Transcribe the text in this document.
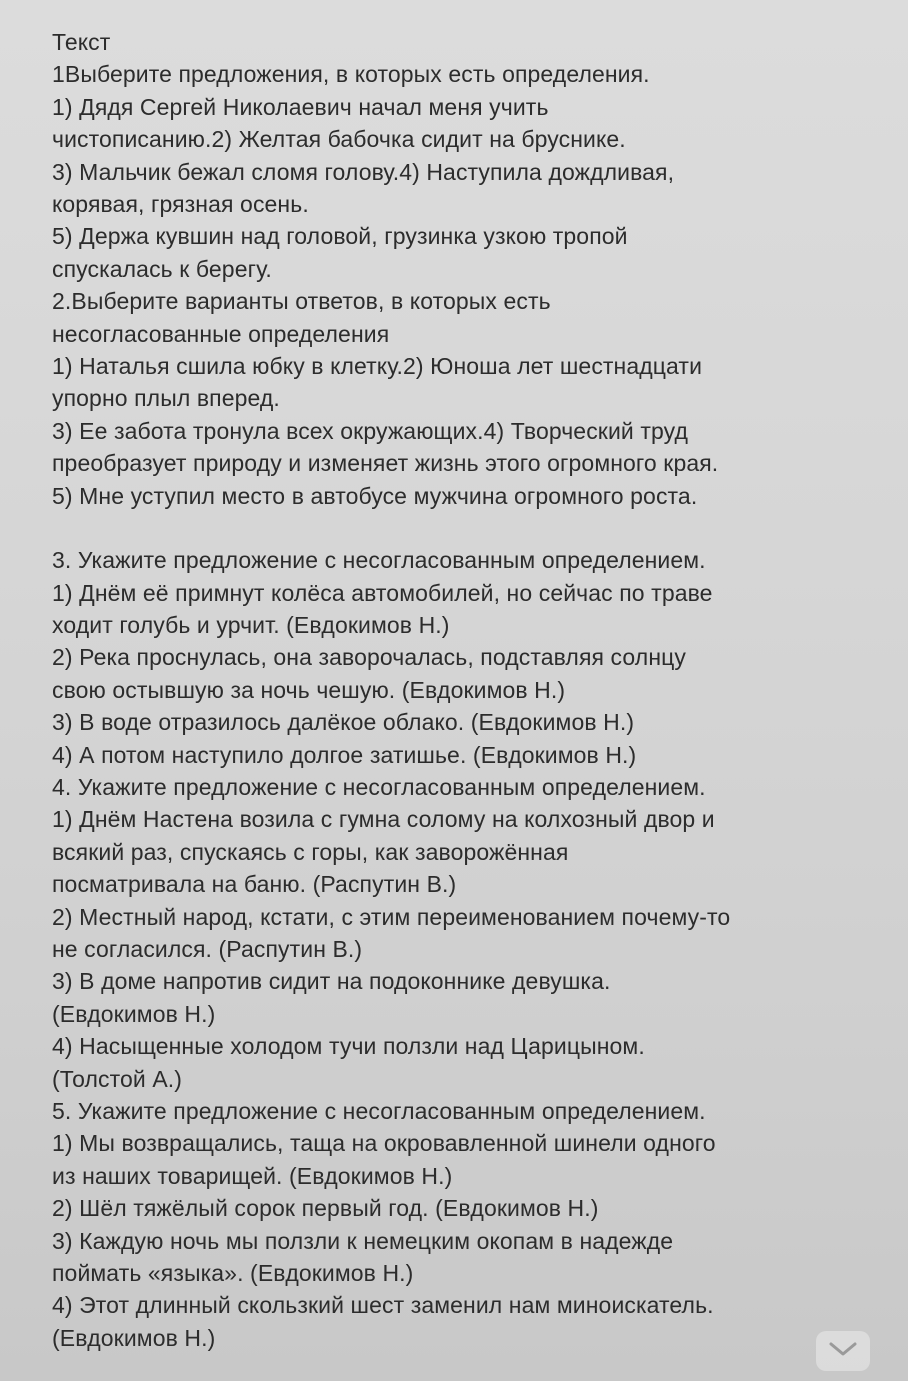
Текст
1Выберите предложения, в которых есть определения.
1) Дядя Сергей Николаевич начал меня учить
чистописанию.2) Желтая бабочка сидит на бруснике.
3) Мальчик бежал сломя голову.4) Наступила дождливая,
корявая, грязная осень.
5) Держа кувшин над головой, грузинка узкою тропой
спускалась к берегу.
2.Выберите варианты ответов, в которых есть
несогласованные определения
1) Наталья сшила юбку в клетку.2) Юноша лет шестнадцати
упорно плыл вперед.
3) Ее забота тронула всех окружающих.4) Творческий труд
преобразует природу и изменяет жизнь этого огромного края.
5) Мне уступил место в автобусе мужчина огромного роста.
3. Укажите предложение с несогласованным определением.
1) Днём её примнут колёса автомобилей, но сейчас по траве
ходит голубь и урчит. (Евдокимов Н.)
2) Река проснулась, она заворочалась, подставляя солнцу
свою остывшую за ночь чешую. (Евдокимов Н.)
3) В воде отразилось далёкое облако. (Евдокимов Н.)
4) А потом наступило долгое затишье. (Евдокимов Н.)
4. Укажите предложение с несогласованным определением.
1) Днём Настена возила с гумна солому на колхозный двор и
всякий раз, спускаясь с горы, как заворожённая
посматривала на баню. (Распутин В.)
2) Местный народ, кстати, с этим переименованием почему-то
не согласился. (Распутин В.)
3) В доме напротив сидит на подоконнике девушка.
(Евдокимов Н.)
4) Насыщенные холодом тучи ползли над Царицыном.
(Толстой А.)
5. Укажите предложение с несогласованным определением.
1) Мы возвращались, таща на окровавленной шинели одного
из наших товарищей. (Евдокимов Н.)
2) Шёл тяжёлый сорок первый год. (Евдокимов Н.)
3) Каждую ночь мы ползли к немецким окопам в надежде
поймать «языка». (Евдокимов Н.)
4) Этот длинный скользкий шест заменил нам миноискатель.
(Евдокимов Н.)
